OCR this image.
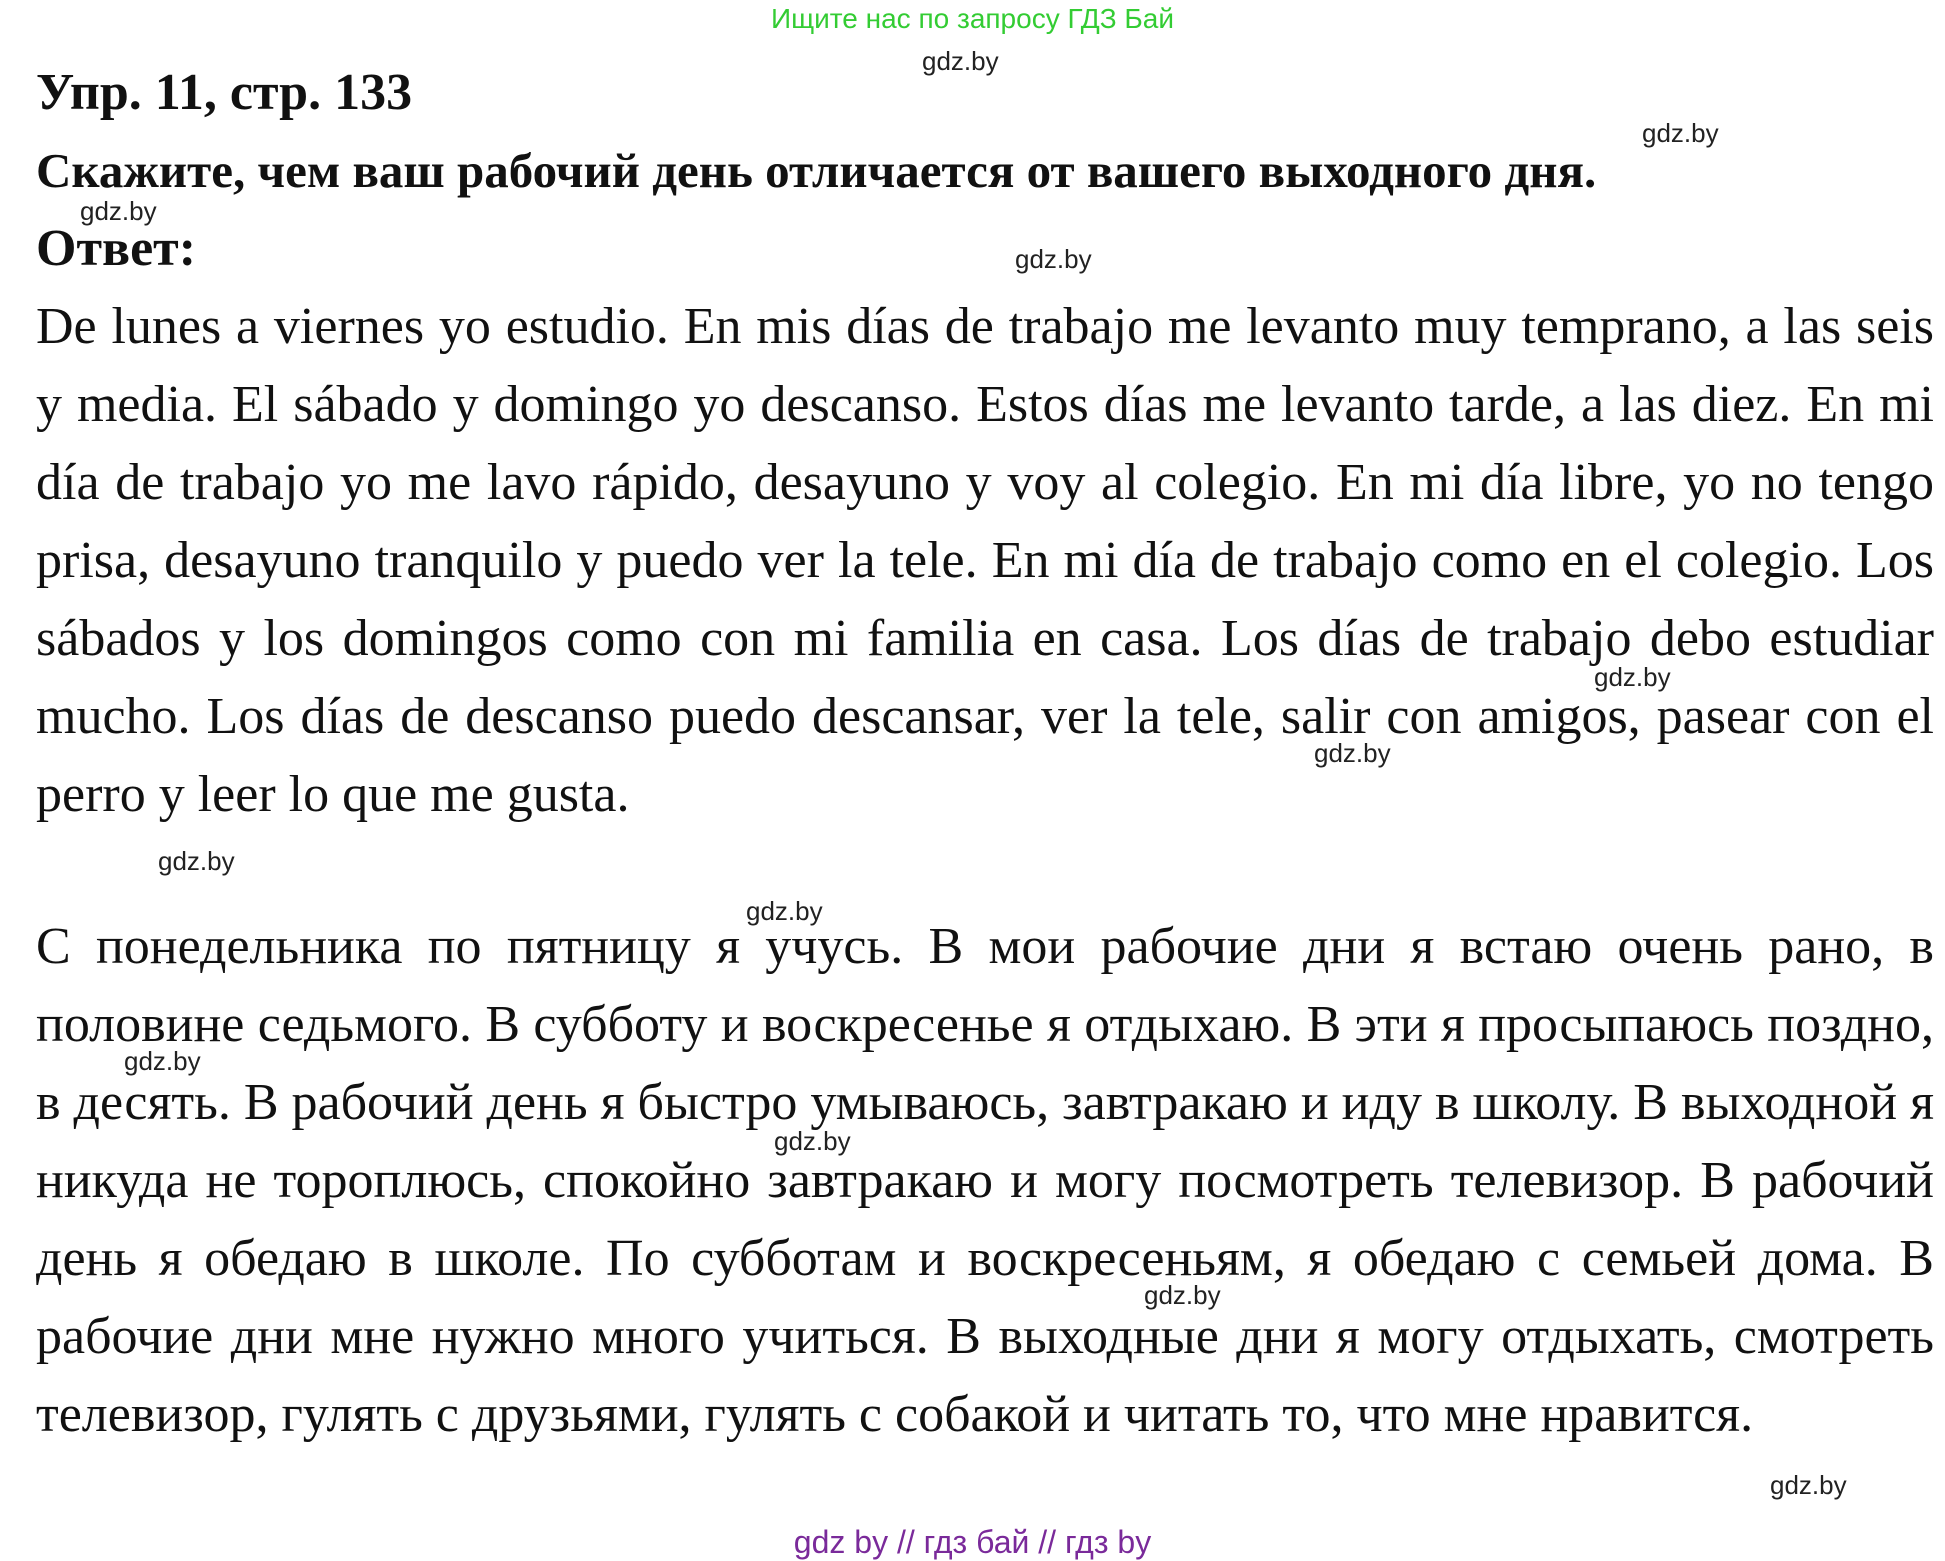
Ищите нас по запросу ГДЗ Бай
gdz.by
gdz.by
gdz.by
gdz.by
gdz.by
gdz.by
gdz.by
gdz.by
gdz.by
gdz.by
gdz.by
gdz.by
Упр. 11, стр. 133
Скажите, чем ваш рабочий день отличается от вашего выходного дня.
Ответ:

De lunes a viernes yo estudio. En mis días de trabajo me levanto muy temprano, a las seis y media. El sábado y domingo yo descanso. Estos días me levanto tarde, a las diez. En mi día de trabajo yo me lavo rápido, desayuno y voy al colegio. En mi día libre, yo no tengo prisa, desayuno tranquilo y puedo ver la tele. En mi día de trabajo como en el colegio. Los sábados y los domingos como con mi familia en casa. Los días de trabajo debo estudiar mucho. Los días de descanso puedo descansar, ver la tele, salir con amigos, pasear con el perro y leer lo que me gusta.

С понедельника по пятницу я учусь. В мои рабочие дни я встаю очень рано, в половине седьмого. В субботу и воскресенье я отдыхаю. В эти я просыпаюсь поздно, в десять. В рабочий день я быстро умываюсь, завтракаю и иду в школу. В выходной я никуда не тороплюсь, спокойно завтракаю и могу посмотреть телевизор. В рабочий день я обедаю в школе. По субботам и воскресеньям, я обедаю с семьей дома. В рабочие дни мне нужно много учиться. В выходные дни я могу отдыхать, смотреть телевизор, гулять с друзьями, гулять с собакой и читать то, что мне нравится.

gdz by // гдз бай // гдз by
